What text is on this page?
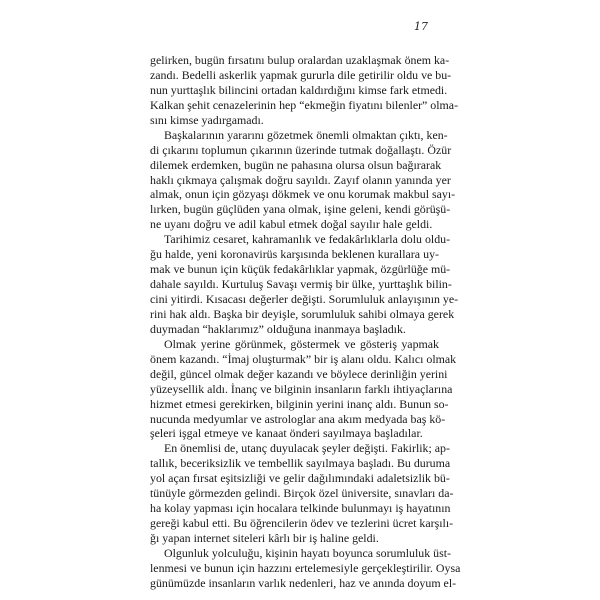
17
gelirken, bugün fırsatını bulup oralardan uzaklaşmak önem ka-
zandı. Bedelli askerlik yapmak gururla dile getirilir oldu ve bu-
nun yurttaşlık bilincini ortadan kaldırdığını kimse fark etmedi.
Kalkan şehit cenazelerinin hep “ekmeğin fiyatını bilenler” olma-
sını kimse yadırgamadı.
Başkalarının yararını gözetmek önemli olmaktan çıktı, ken-
di çıkarını toplumun çıkarının üzerinde tutmak doğallaştı. Özür
dilemek erdemken, bugün ne pahasına olursa olsun bağırarak
haklı çıkmaya çalışmak doğru sayıldı. Zayıf olanın yanında yer
almak, onun için gözyaşı dökmek ve onu korumak makbul sayı-
lırken, bugün güçlüden yana olmak, işine geleni, kendi görüşü-
ne uyanı doğru ve adil kabul etmek doğal sayılır hale geldi.
Tarihimiz cesaret, kahramanlık ve fedakârlıklarla dolu oldu-
ğu halde, yeni koronavirüs karşısında beklenen kurallara uy-
mak ve bunun için küçük fedakârlıklar yapmak, özgürlüğe mü-
dahale sayıldı. Kurtuluş Savaşı vermiş bir ülke, yurttaşlık bilin-
cini yitirdi. Kısacası değerler değişti. Sorumluluk anlayışının ye-
rini hak aldı. Başka bir deyişle, sorumluluk sahibi olmaya gerek
duymadan “haklarımız” olduğuna inanmaya başladık.
Olmak yerine görünmek, göstermek ve gösteriş yapmak
önem kazandı. “İmaj oluşturmak” bir iş alanı oldu. Kalıcı olmak
değil, güncel olmak değer kazandı ve böylece derinliğin yerini
yüzeysellik aldı. İnanç ve bilginin insanların farklı ihtiyaçlarına
hizmet etmesi gerekirken, bilginin yerini inanç aldı. Bunun so-
nucunda medyumlar ve astrologlar ana akım medyada baş kö-
şeleri işgal etmeye ve kanaat önderi sayılmaya başladılar.
En önemlisi de, utanç duyulacak şeyler değişti. Fakirlik; ap-
tallık, beceriksizlik ve tembellik sayılmaya başladı. Bu duruma
yol açan fırsat eşitsizliği ve gelir dağılımındaki adaletsizlik bü-
tünüyle görmezden gelindi. Birçok özel üniversite, sınavları da-
ha kolay yapması için hocalara telkinde bulunmayı iş hayatının
gereği kabul etti. Bu öğrencilerin ödev ve tezlerini ücret karşılı-
ğı yapan internet siteleri kârlı bir iş haline geldi.
Olgunluk yolculuğu, kişinin hayatı boyunca sorumluluk üst-
lenmesi ve bunun için hazzını ertelemesiyle gerçekleştirilir. Oysa
günümüzde insanların varlık nedenleri, haz ve anında doyum el-
